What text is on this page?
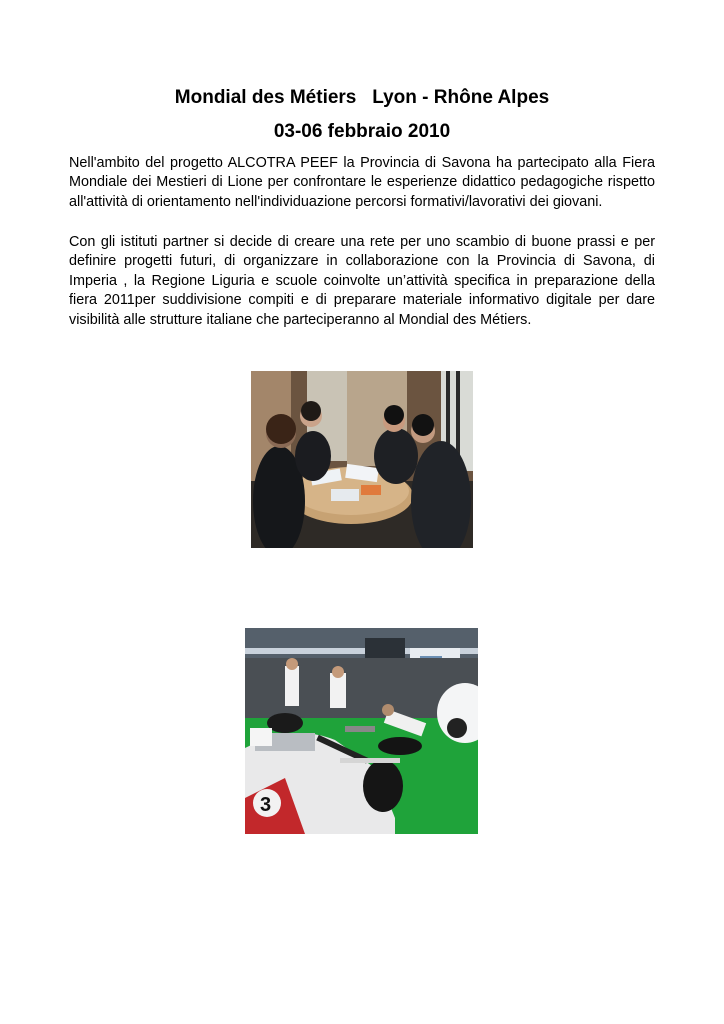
Mondial des Métiers   Lyon - Rhône Alpes
03-06 febbraio 2010

Nell'ambito del progetto ALCOTRA PEEF la Provincia di Savona ha partecipato alla Fiera Mondiale dei Mestieri di Lione per confrontare le esperienze didattico pedagogiche rispetto all'attività di orientamento nell'individuazione percorsi formativi/lavorativi dei giovani.

Con gli istituti partner si decide di creare una rete per uno scambio di buone prassi e per definire progetti futuri, di organizzare in collaborazione con la Provincia di Savona, di Imperia , la Regione Liguria e scuole coinvolte un’attività specifica in preparazione della fiera 2011per suddivisione compiti e di preparare materiale informativo digitale per dare visibilità alle strutture italiane che parteciperanno al Mondial des Métiers.

3
